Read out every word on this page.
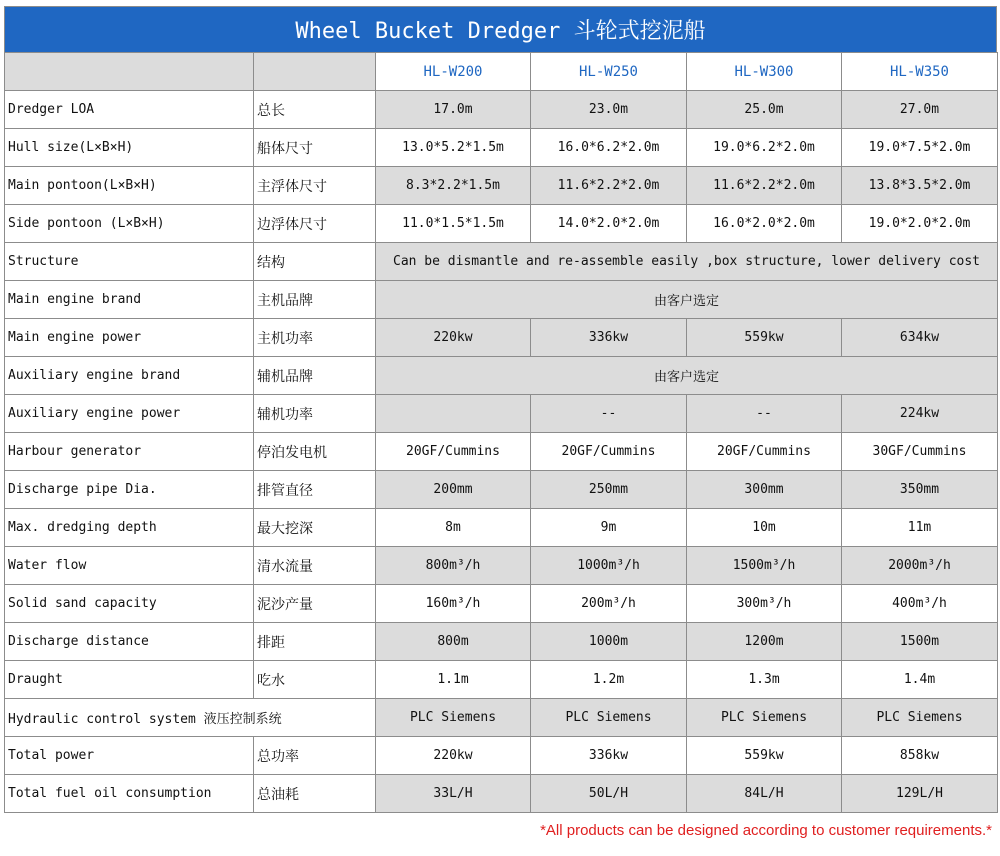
Wheel Bucket Dredger 斗轮式挖泥船
		HL-W200	HL-W250	HL-W300	HL-W350
Dredger LOA	总长	17.0m	23.0m	25.0m	27.0m
Hull size(L×B×H)	船体尺寸	13.0*5.2*1.5m	16.0*6.2*2.0m	19.0*6.2*2.0m	19.0*7.5*2.0m
Main pontoon(L×B×H)	主浮体尺寸	8.3*2.2*1.5m	11.6*2.2*2.0m	11.6*2.2*2.0m	13.8*3.5*2.0m
Side pontoon (L×B×H)	边浮体尺寸	11.0*1.5*1.5m	14.0*2.0*2.0m	16.0*2.0*2.0m	19.0*2.0*2.0m
Structure	结构	Can be dismantle and re-assemble easily ,box structure, lower delivery cost			
Main engine brand	主机品牌	由客户选定			
Main engine power	主机功率	220kw	336kw	559kw	634kw
Auxiliary engine brand	辅机品牌	由客户选定			
Auxiliary engine power	辅机功率		--	--	224kw
Harbour generator	停泊发电机	20GF/Cummins	20GF/Cummins	20GF/Cummins	30GF/Cummins
Discharge pipe Dia.	排管直径	200mm	250mm	300mm	350mm
Max. dredging depth	最大挖深	8m	9m	10m	11m
Water flow	清水流量	800m³/h	1000m³/h	1500m³/h	2000m³/h
Solid sand capacity	泥沙产量	160m³/h	200m³/h	300m³/h	400m³/h
Discharge distance	排距	800m	1000m	1200m	1500m
Draught	吃水	1.1m	1.2m	1.3m	1.4m
Hydraulic control system 液压控制系统		PLC Siemens	PLC Siemens	PLC Siemens	PLC Siemens
Total power	总功率	220kw	336kw	559kw	858kw
Total fuel oil consumption	总油耗	33L/H	50L/H	84L/H	129L/H
*All products can be designed according to customer requirements.*
